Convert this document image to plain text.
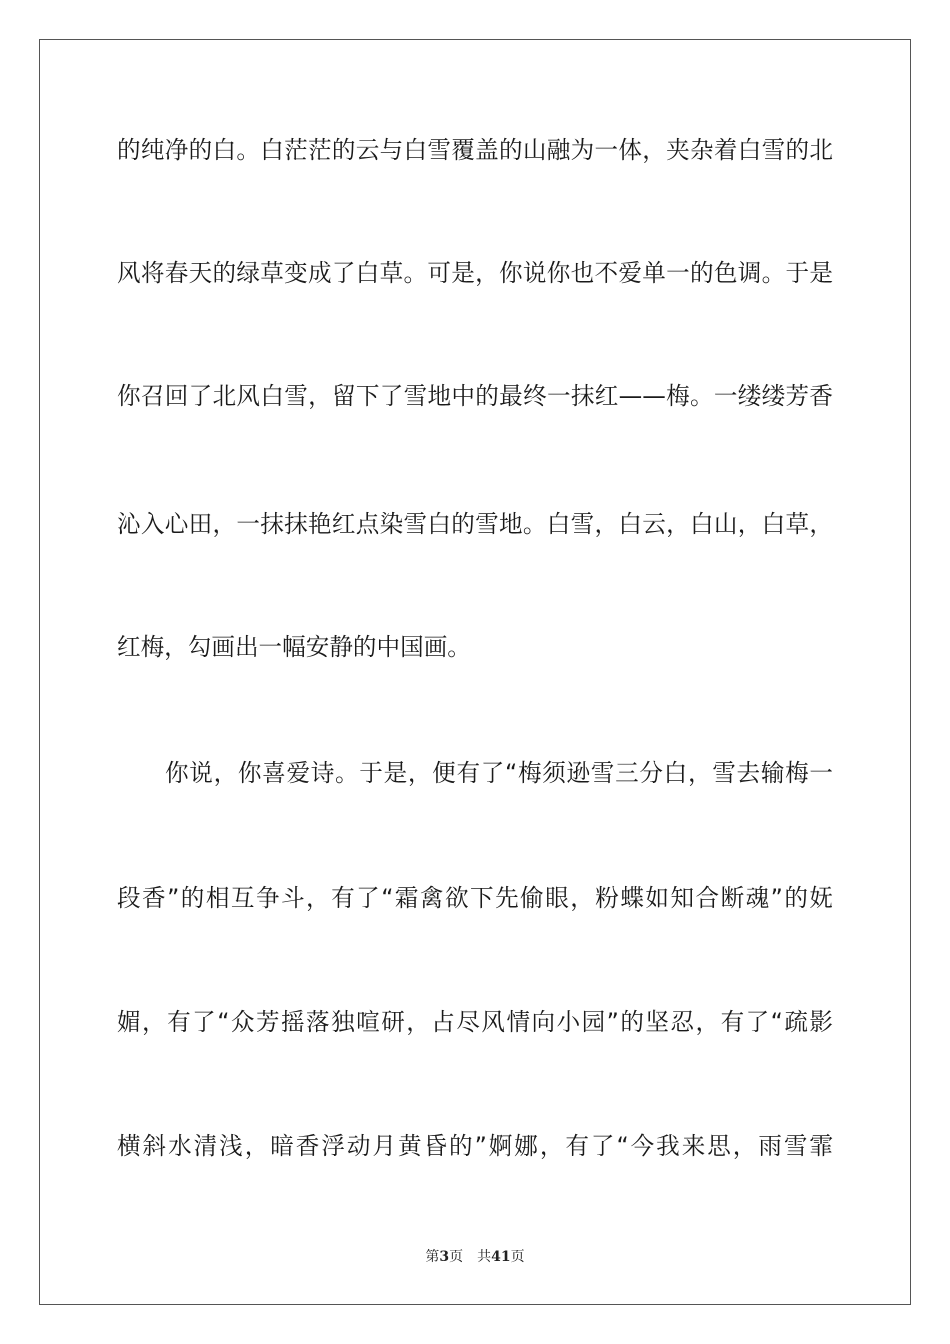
的纯净的白。白茫茫的云与白雪覆盖的山融为一体，夹杂着白雪的北

风将春天的绿草变成了白草。可是，你说你也不爱单一的色调。于是

你召回了北风白雪，留下了雪地中的最终一抹红——梅。一缕缕芳香

沁入心田，一抹抹艳红点染雪白的雪地。白雪，白云，白山，白草，

红梅，勾画出一幅安静的中国画。

你说，你喜爱诗。于是，便有了“梅须逊雪三分白，雪去输梅一

段香”的相互争斗，有了“霜禽欲下先偷眼，粉蝶如知合断魂”的妩

媚，有了“众芳摇落独喧研，占尽风情向小园”的坚忍，有了“疏影

横斜水清浅，暗香浮动月黄昏的”婀娜，有了“今我来思，雨雪霏

第3页 共41页
